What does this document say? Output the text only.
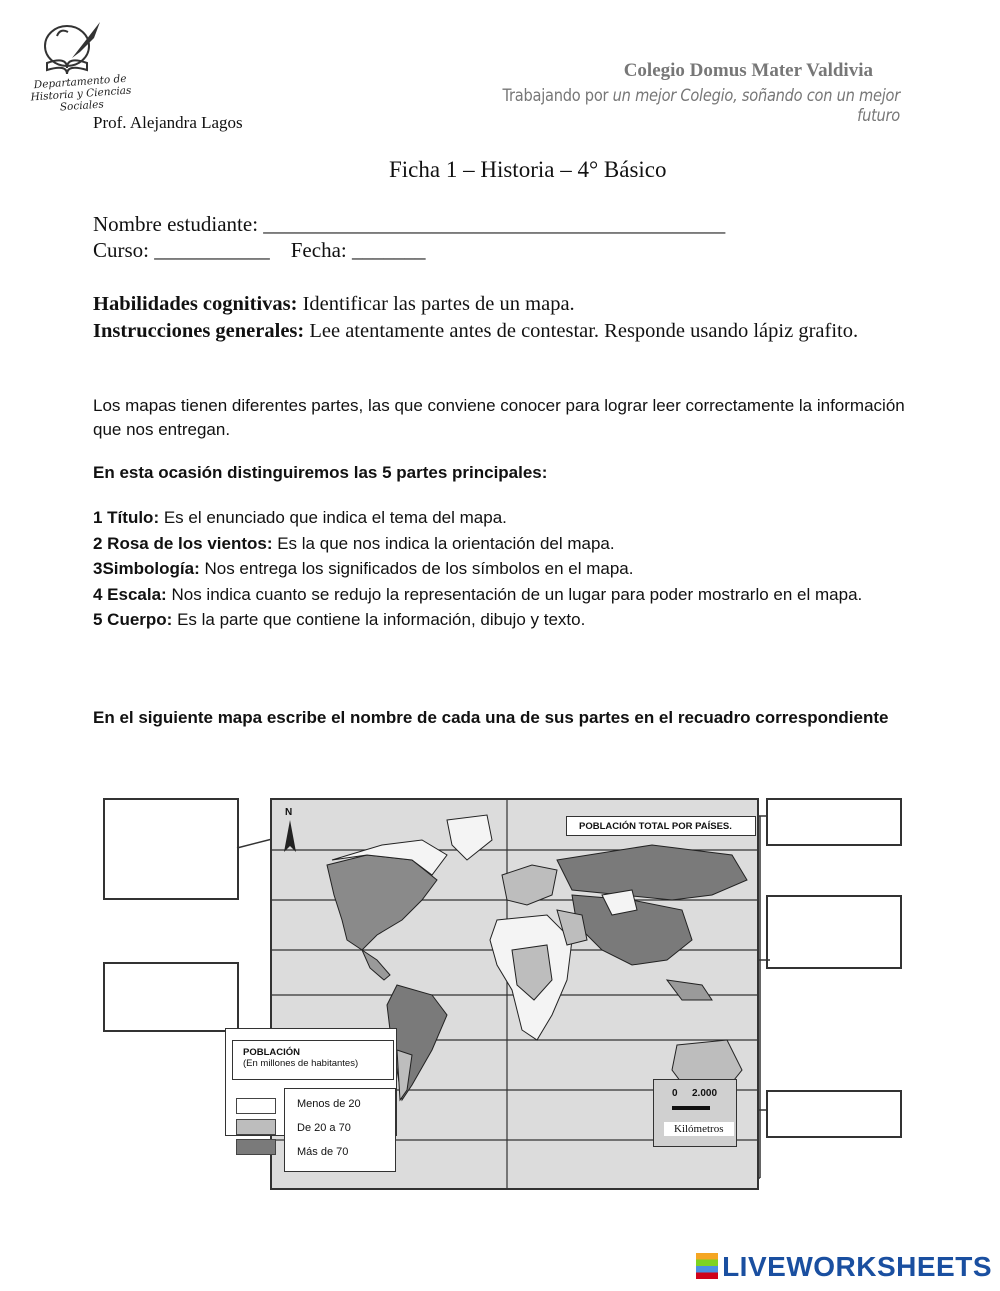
Departamento de Historia y Ciencias Sociales
Colegio Domus Mater Valdivia
Trabajando por un mejor Colegio, soñando con un mejor futuro
Prof. Alejandra Lagos
Ficha 1 – Historia – 4° Básico
Nombre estudiante: ____________________________________________
Curso: ___________    Fecha: _______
Habilidades cognitivas: Identificar las partes de un mapa.
Instrucciones generales: Lee atentamente antes de contestar. Responde usando lápiz grafito.
Los mapas tienen diferentes partes, las que conviene conocer para lograr leer correctamente la información que nos entregan.
En esta ocasión distinguiremos las 5 partes principales:
1 Título: Es el enunciado que indica el tema del mapa.
2 Rosa de los vientos: Es la que nos indica la orientación del mapa.
3Simbología: Nos entrega los significados de los símbolos en el mapa.
4 Escala: Nos indica cuanto se redujo la representación de un lugar para poder mostrarlo en el mapa.
5 Cuerpo: Es la parte que contiene la información, dibujo y texto.
En el siguiente mapa escribe el nombre de cada una de sus partes en el recuadro correspondiente
N
POBLACIÓN TOTAL POR PAÍSES.
POBLACIÓN
(En millones de habitantes)
Menos de 20
De 20 a 70
Más de 70
0 2.000
Kilómetros
LIVEWORKSHEETS
